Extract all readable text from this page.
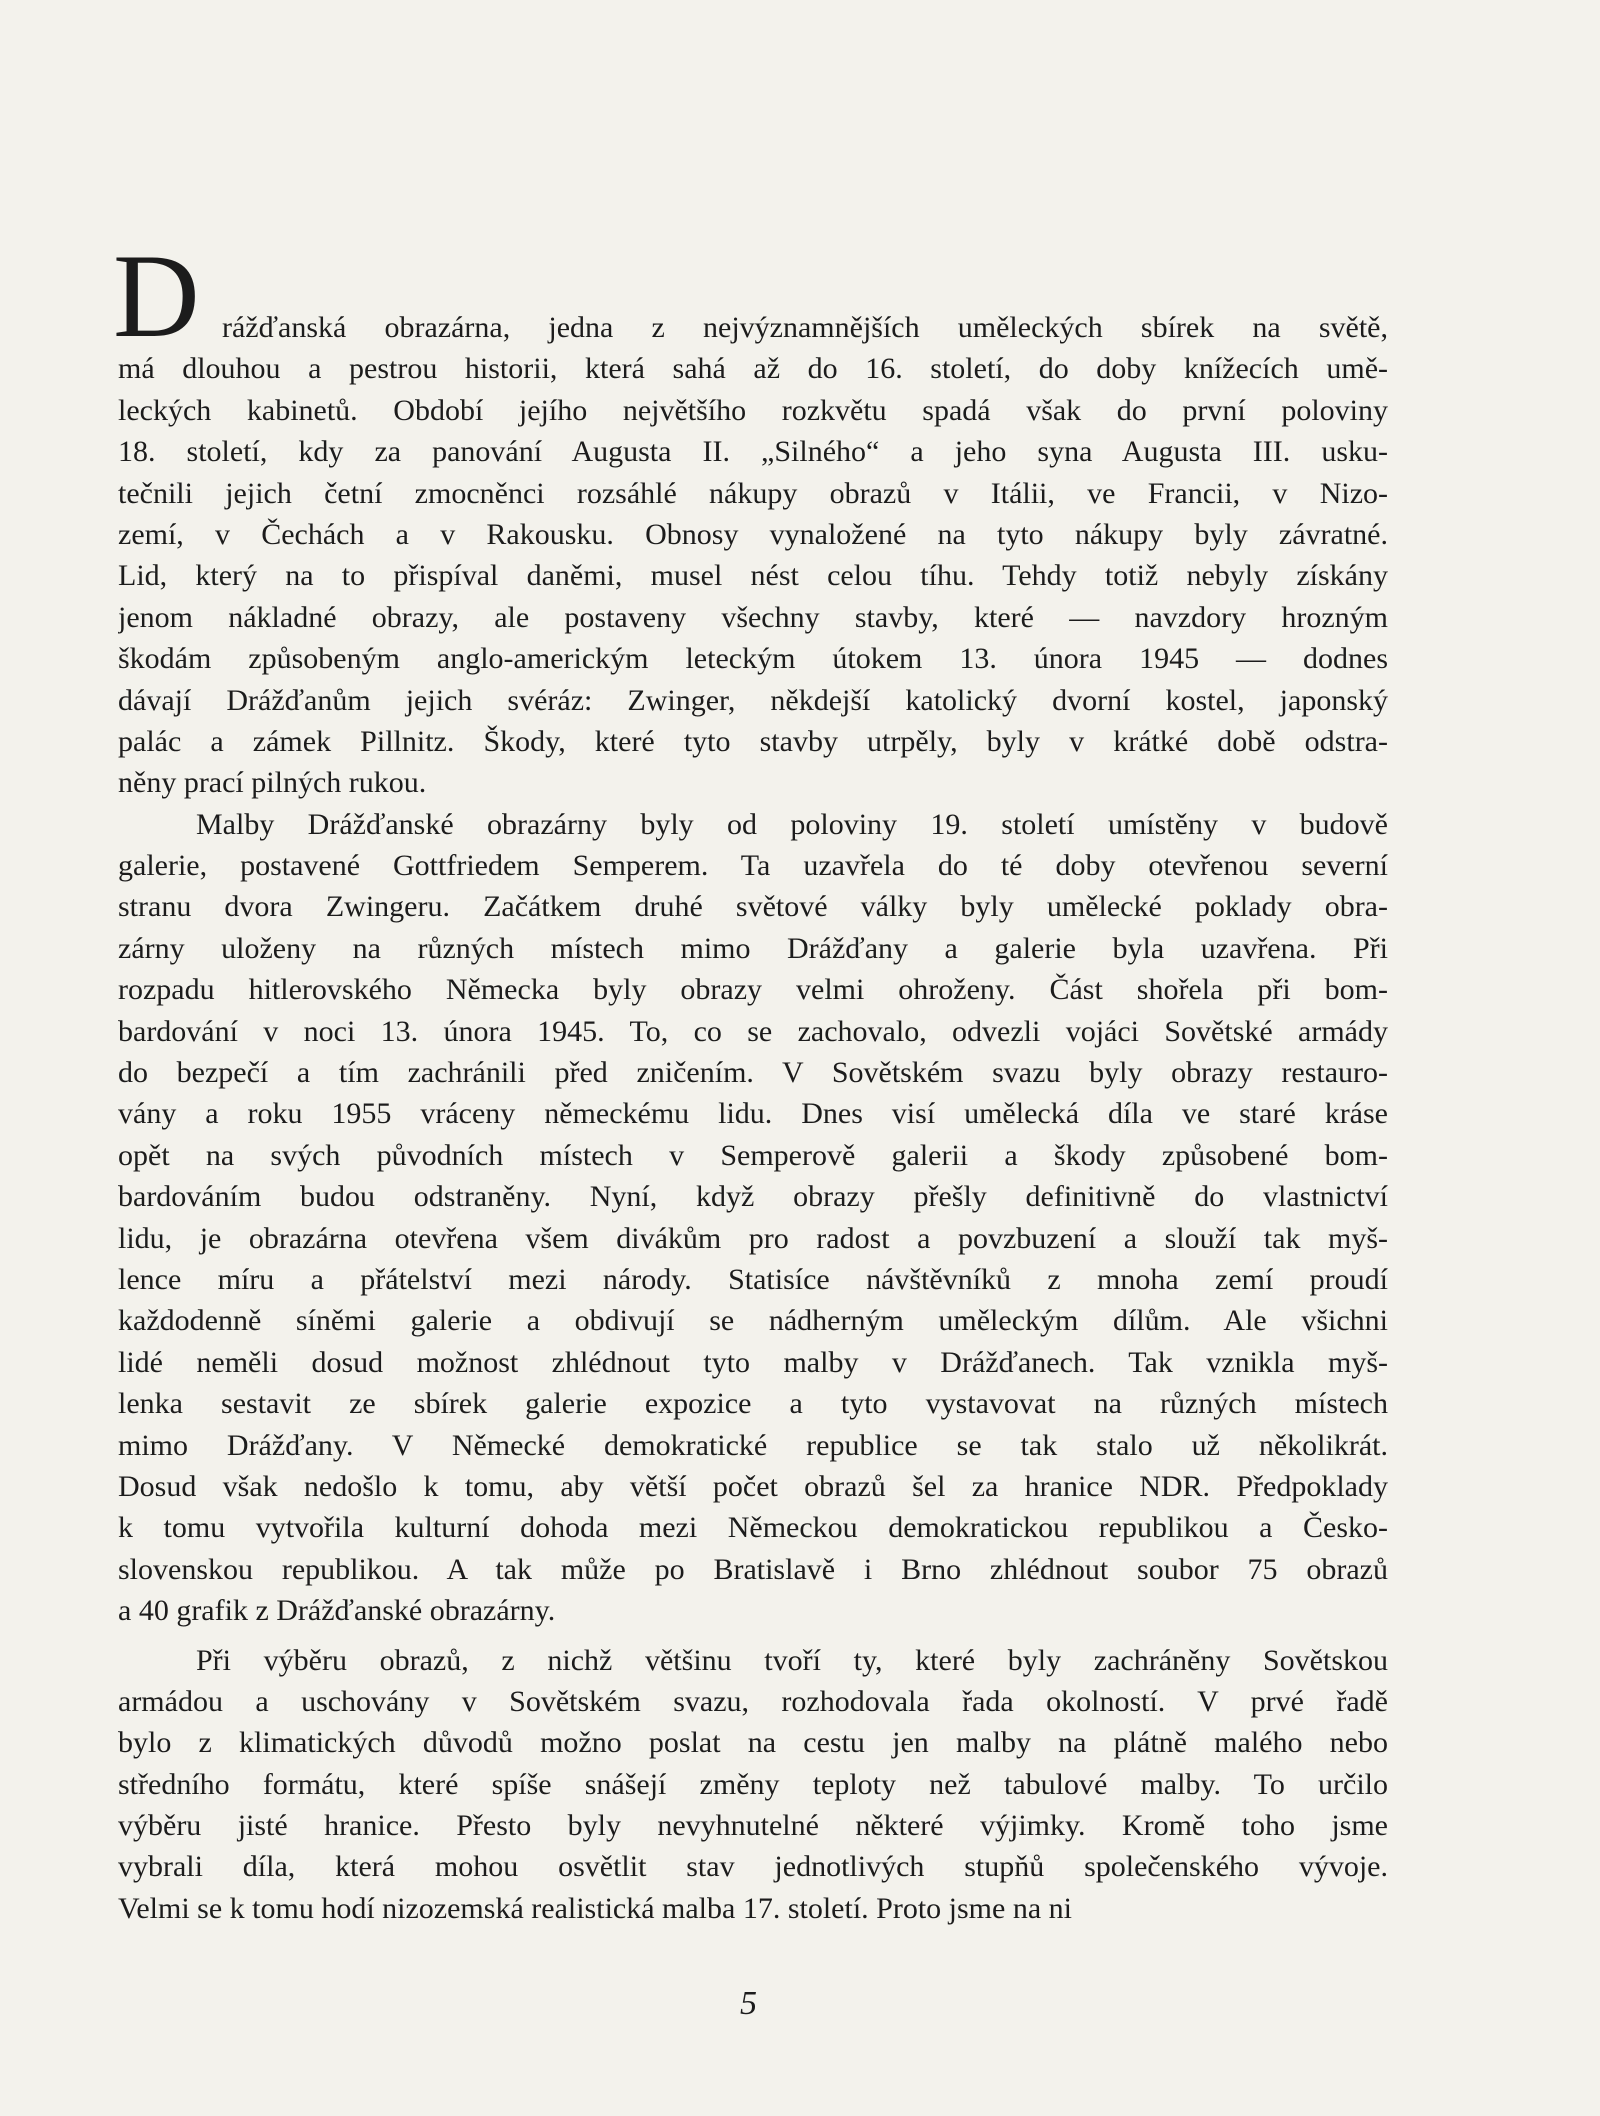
D rážďanská obrazárna, jedna z nejvýznamnějších uměleckých sbírek na světě,
má dlouhou a pestrou historii, která sahá až do 16. století, do doby knížecích umě-
leckých kabinetů. Období jejího největšího rozkvětu spadá však do první poloviny
18. století, kdy za panování Augusta II. „Silného“ a jeho syna Augusta III. usku-
tečnili jejich četní zmocněnci rozsáhlé nákupy obrazů v Itálii, ve Francii, v Nizo-
zemí, v Čechách a v Rakousku. Obnosy vynaložené na tyto nákupy byly závratné.
Lid, který na to přispíval daněmi, musel nést celou tíhu. Tehdy totiž nebyly získány
jenom nákladné obrazy, ale postaveny všechny stavby, které — navzdory hrozným
škodám způsobeným anglo-americkým leteckým útokem 13. února 1945 — dodnes
dávají Drážďanům jejich svéráz: Zwinger, někdejší katolický dvorní kostel, japonský
palác a zámek Pillnitz. Škody, které tyto stavby utrpěly, byly v krátké době odstra-
něny prací pilných rukou.
Malby Drážďanské obrazárny byly od poloviny 19. století umístěny v budově
galerie, postavené Gottfriedem Semperem. Ta uzavřela do té doby otevřenou severní
stranu dvora Zwingeru. Začátkem druhé světové války byly umělecké poklady obra-
zárny uloženy na různých místech mimo Drážďany a galerie byla uzavřena. Při
rozpadu hitlerovského Německa byly obrazy velmi ohroženy. Část shořela při bom-
bardování v noci 13. února 1945. To, co se zachovalo, odvezli vojáci Sovětské armády
do bezpečí a tím zachránili před zničením. V Sovětském svazu byly obrazy restauro-
vány a roku 1955 vráceny německému lidu. Dnes visí umělecká díla ve staré kráse
opět na svých původních místech v Semperově galerii a škody způsobené bom-
bardováním budou odstraněny. Nyní, když obrazy přešly definitivně do vlastnictví
lidu, je obrazárna otevřena všem divákům pro radost a povzbuzení a slouží tak myš-
lence míru a přátelství mezi národy. Statisíce návštěvníků z mnoha zemí proudí
každodenně síněmi galerie a obdivují se nádherným uměleckým dílům. Ale všichni
lidé neměli dosud možnost zhlédnout tyto malby v Drážďanech. Tak vznikla myš-
lenka sestavit ze sbírek galerie expozice a tyto vystavovat na různých místech
mimo Drážďany. V Německé demokratické republice se tak stalo už několikrát.
Dosud však nedošlo k tomu, aby větší počet obrazů šel za hranice NDR. Předpoklady
k tomu vytvořila kulturní dohoda mezi Německou demokratickou republikou a Česko-
slovenskou republikou. A tak může po Bratislavě i Brno zhlédnout soubor 75 obrazů
a 40 grafik z Drážďanské obrazárny.
Při výběru obrazů, z nichž většinu tvoří ty, které byly zachráněny Sovětskou
armádou a uschovány v Sovětském svazu, rozhodovala řada okolností. V prvé řadě
bylo z klimatických důvodů možno poslat na cestu jen malby na plátně malého nebo
středního formátu, které spíše snášejí změny teploty než tabulové malby. To určilo
výběru jisté hranice. Přesto byly nevyhnutelné některé výjimky. Kromě toho jsme
vybrali díla, která mohou osvětlit stav jednotlivých stupňů společenského vývoje.
Velmi se k tomu hodí nizozemská realistická malba 17. století. Proto jsme na ni
5
